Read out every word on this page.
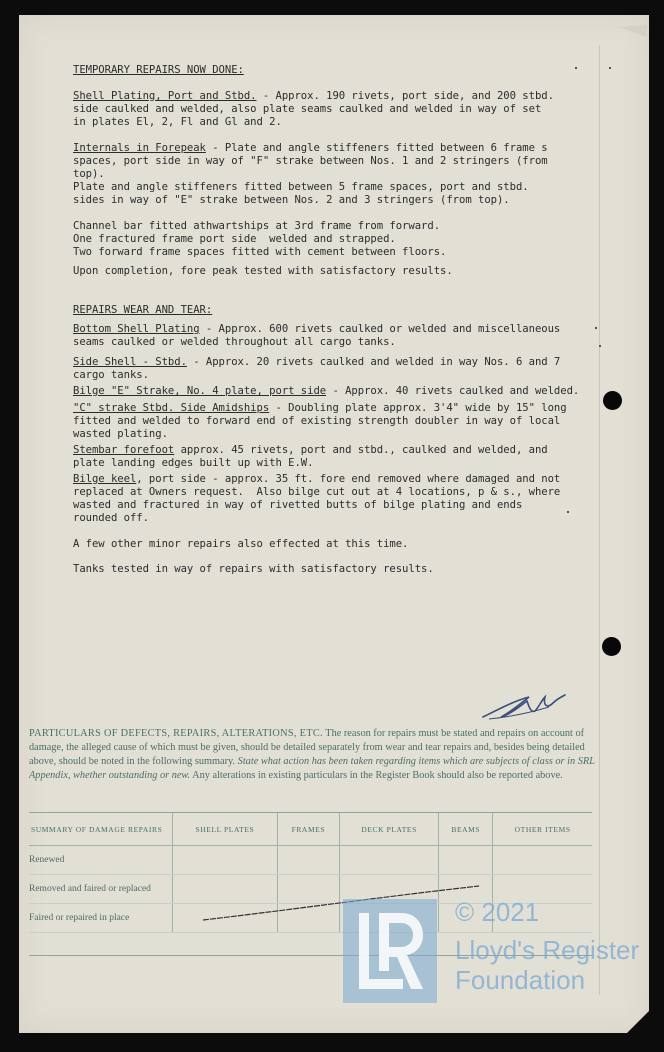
TEMPORARY REPAIRS NOW DONE:
Shell Plating, Port and Stbd. - Approx. 190 rivets, port side, and 200 stbd.
side caulked and welded, also plate seams caulked and welded in way of set
in plates El, 2, Fl and Gl and 2.
Internals in Forepeak - Plate and angle stiffeners fitted between 6 frame s
spaces, port side in way of "F" strake between Nos. 1 and 2 stringers (from
top).
Plate and angle stiffeners fitted between 5 frame spaces, port and stbd.
sides in way of "E" strake between Nos. 2 and 3 stringers (from top).
Channel bar fitted athwartships at 3rd frame from forward.
One fractured frame port side  welded and strapped.
Two forward frame spaces fitted with cement between floors.
Upon completion, fore peak tested with satisfactory results.
REPAIRS WEAR AND TEAR:
Bottom Shell Plating - Approx. 600 rivets caulked or welded and miscellaneous
seams caulked or welded throughout all cargo tanks.
Side Shell - Stbd. - Approx. 20 rivets caulked and welded in way Nos. 6 and 7
cargo tanks.
Bilge "E" Strake, No. 4 plate, port side - Approx. 40 rivets caulked and welded.
"C" strake Stbd. Side Amidships - Doubling plate approx. 3'4" wide by 15" long
fitted and welded to forward end of existing strength doubler in way of local
wasted plating.
Stembar forefoot approx. 45 rivets, port and stbd., caulked and welded, and
plate landing edges built up with E.W.
Bilge keel, port side - approx. 35 ft. fore end removed where damaged and not
replaced at Owners request.  Also bilge cut out at 4 locations, p & s., where
wasted and fractured in way of rivetted butts of bilge plating and ends
rounded off.
A few other minor repairs also effected at this time.
Tanks tested in way of repairs with satisfactory results.
PARTICULARS OF DEFECTS, REPAIRS, ALTERATIONS, ETC. The reason for repairs must be stated and repairs on account of damage, the alleged cause of which must be given, should be detailed separately from wear and tear repairs and, besides being detailed above, should be noted in the following summary. State what action has been taken regarding items which are subjects of class or in SRL Appendix, whether outstanding or new. Any alterations in existing particulars in the Register Book should also be reported above.
SUMMARY OF DAMAGE REPAIRS	SHELL PLATES	FRAMES	DECK PLATES	BEAMS	OTHER ITEMS
Renewed					
Removed and faired or replaced					
Faired or repaired in place						© 2021
Lloyd's Register
Foundation
